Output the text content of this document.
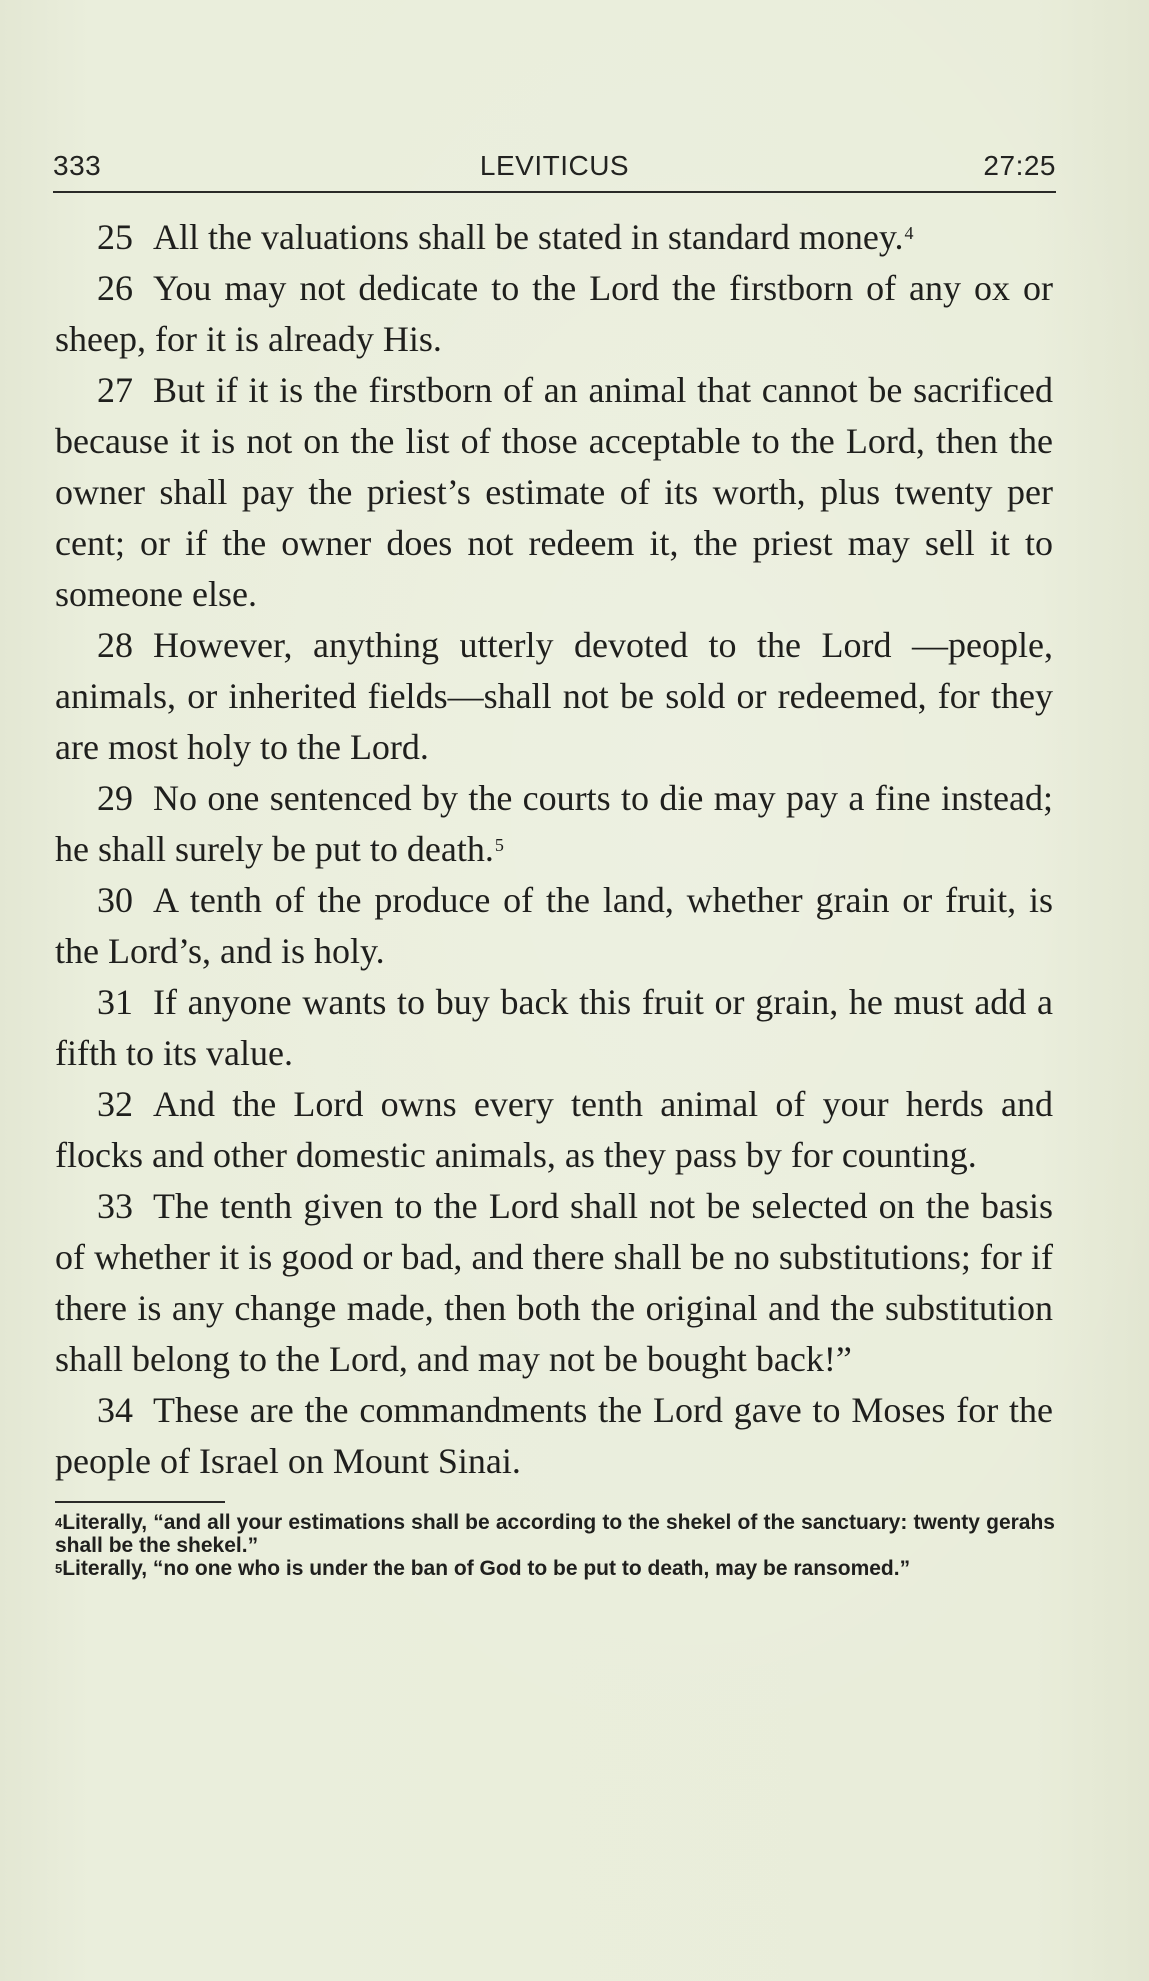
333	LEVITICUS	27:25

25 All the valuations shall be stated in standard money.$^4$

26 You may not dedicate to the Lord the firstborn of any ox or sheep, for it is already His.

27 But if it is the firstborn of an animal that cannot be sacrificed because it is not on the list of those acceptable to the Lord, then the owner shall pay the priest’s estimate of its worth, plus twenty per cent; or if the owner does not redeem it, the priest may sell it to someone else.

28 However, anything utterly devoted to the Lord —people, animals, or inherited fields—shall not be sold or redeemed, for they are most holy to the Lord.

29 No one sentenced by the courts to die may pay a fine instead; he shall surely be put to death.$^5$

30 A tenth of the produce of the land, whether grain or fruit, is the Lord’s, and is holy.

31 If anyone wants to buy back this fruit or grain, he must add a fifth to its value.

32 And the Lord owns every tenth animal of your herds and flocks and other domestic animals, as they pass by for counting.

33 The tenth given to the Lord shall not be selected on the basis of whether it is good or bad, and there shall be no substitutions; for if there is any change made, then both the original and the substitution shall belong to the Lord, and may not be bought back!”

34 These are the commandments the Lord gave to Moses for the people of Israel on Mount Sinai.

$^4$Literally, “and all your estimations shall be according to the shekel of the sanctuary: twenty gerahs shall be the shekel.”

$^5$Literally, “no one who is under the ban of God to be put to death, may be ransomed.”
